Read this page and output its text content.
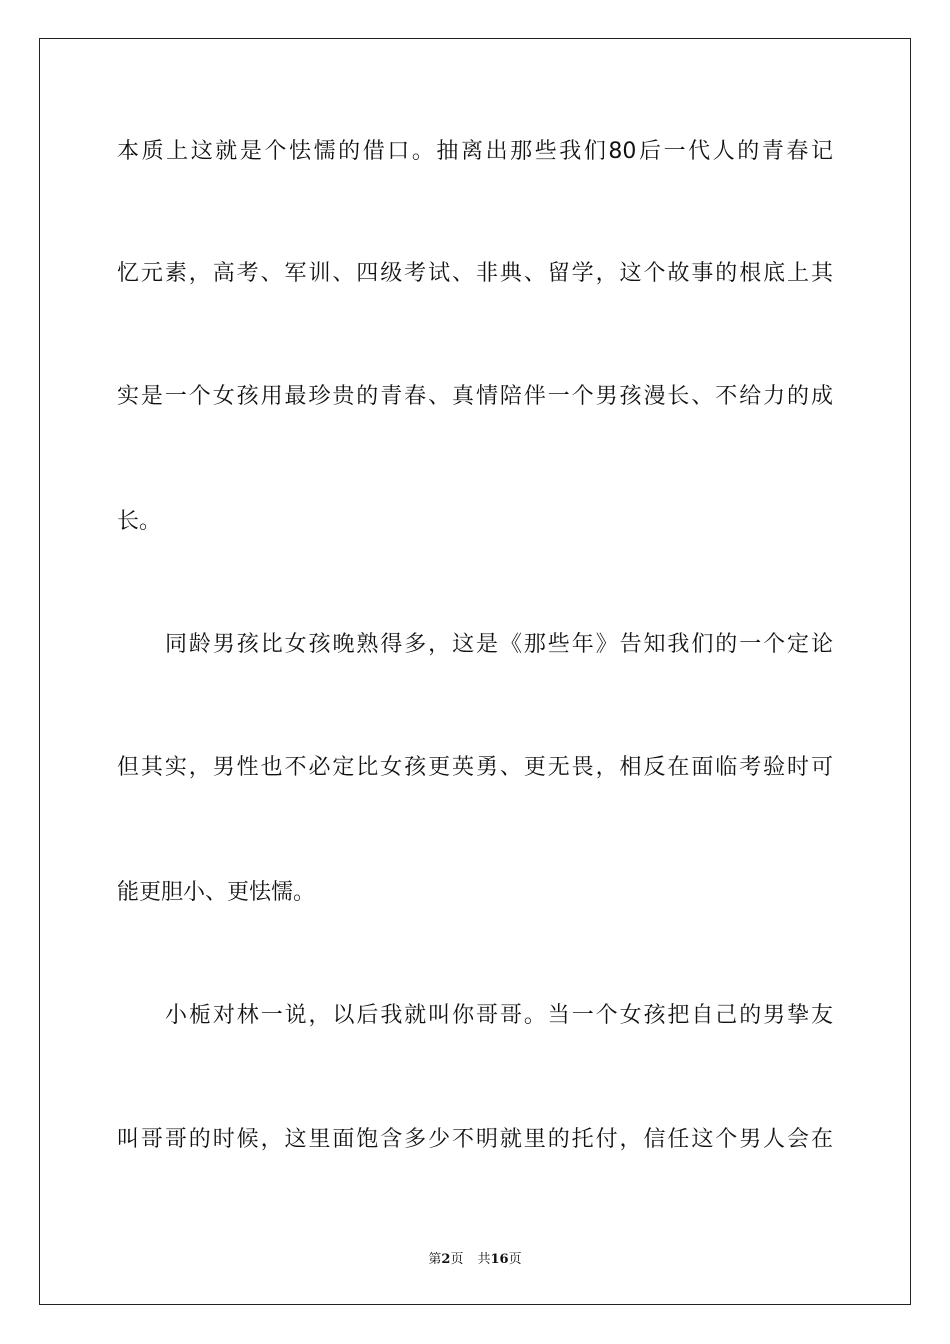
本质上这就是个怯懦的借口。抽离出那些我们80后一代人的青春记
忆元素，高考、军训、四级考试、非典、留学，这个故事的根底上其
实是一个女孩用最珍贵的青春、真情陪伴一个男孩漫长、不给力的成
长。
同龄男孩比女孩晚熟得多，这是《那些年》告知我们的一个定论
但其实，男性也不必定比女孩更英勇、更无畏，相反在面临考验时可
能更胆小、更怯懦。
小栀对林一说，以后我就叫你哥哥。当一个女孩把自己的男挚友
叫哥哥的时候，这里面饱含多少不明就里的托付，信任这个男人会在
第2页 共16页
